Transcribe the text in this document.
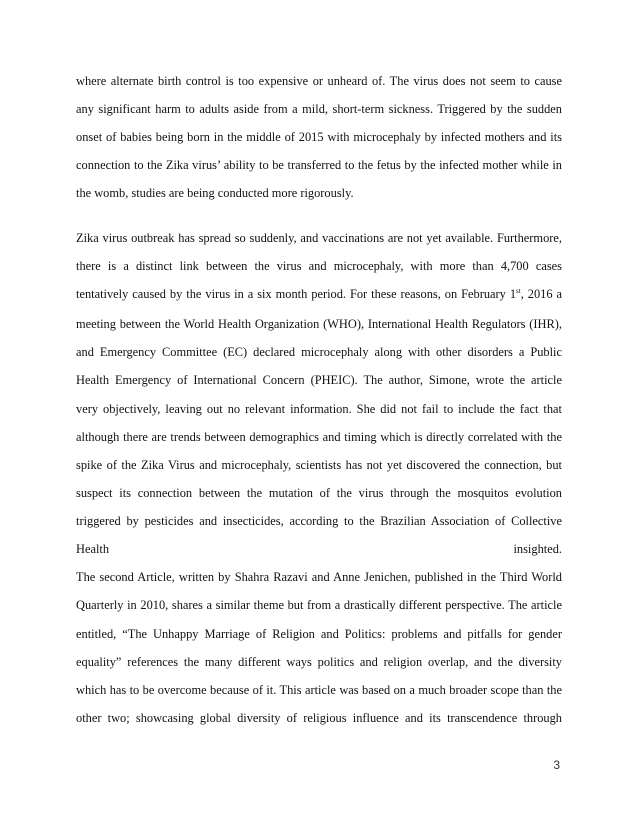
where alternate birth control is too expensive or unheard of. The virus does not seem to cause
any significant harm to adults aside from a mild, short-term sickness. Triggered by the sudden
onset of babies being born in the middle of 2015 with microcephaly by infected mothers and its
connection to the Zika virus’ ability to be transferred to the fetus by the infected mother while in
the womb, studies are being conducted more rigorously.
Zika virus outbreak has spread so suddenly, and vaccinations are not yet available. Furthermore,
there is a distinct link between the virus and microcephaly, with more than 4,700 cases
tentatively caused by the virus in a six month period. For these reasons, on February 1st, 2016 a
meeting between the World Health Organization (WHO), International Health Regulators (IHR),
and Emergency Committee (EC) declared microcephaly along with other disorders a Public
Health Emergency of International Concern (PHEIC). The author, Simone, wrote the article
very objectively, leaving out no relevant information. She did not fail to include the fact that
although there are trends between demographics and timing which is directly correlated with the
spike of the Zika Virus and microcephaly, scientists has not yet discovered the connection, but
suspect its connection between the mutation of the virus through the mosquitos evolution
triggered by pesticides and insecticides, according to the Brazilian Association of Collective
Health	insighted.
The second Article, written by Shahra Razavi and Anne Jenichen, published in the Third World
Quarterly in 2010, shares a similar theme but from a drastically different perspective. The article
entitled, “The Unhappy Marriage of Religion and Politics: problems and pitfalls for gender
equality” references the many different ways politics and religion overlap, and the diversity
which has to be overcome because of it. This article was based on a much broader scope than the
other two; showcasing global diversity of religious influence and its transcendence through
3
